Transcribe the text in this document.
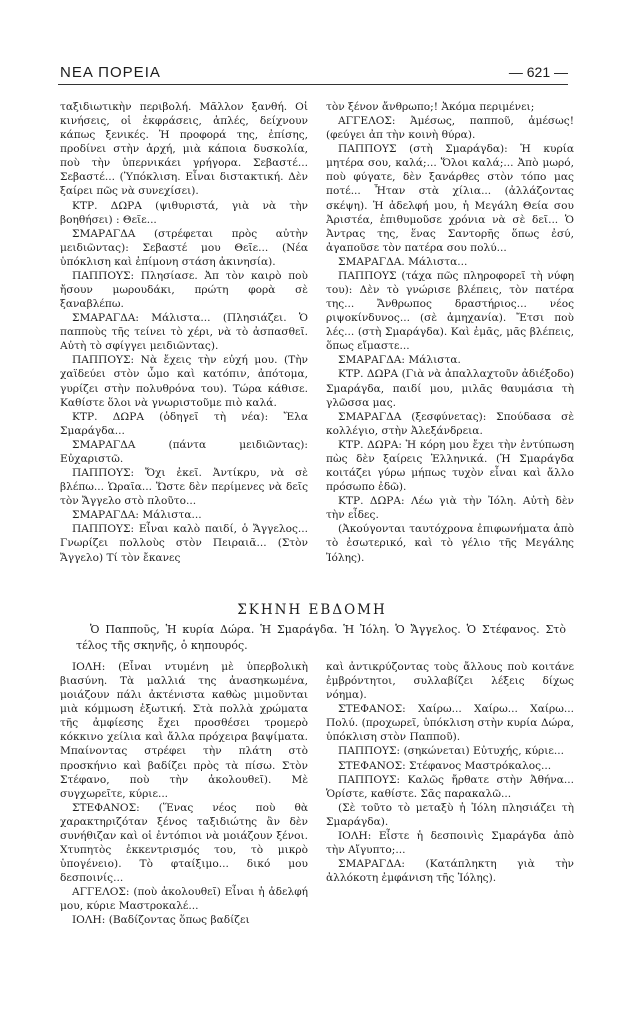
ΝΕΑ ΠΟΡΕΙΑ	— 621 —

ταξιδιωτικὴν περιβολή. Μᾶλλον ξανθή. Οἱ κινήσεις, οἱ ἐκφράσεις, ἁπλές, δείχνουν κάπως ξενικές. Ἡ προφορά της, ἐπίσης, προδίνει στὴν ἀρχή, μιὰ κάποια δυσκολία, ποὺ τὴν ὑπερνικάει γρήγορα. Σεβαστέ... Σεβαστέ... (Ὑπόκλιση. Εἶναι διστακτική. Δὲν ξαίρει πῶς νὰ συνεχίσει).

ΚΤΡ. ΔΩΡΑ (ψιθυριστά, γιὰ νὰ τὴν βοηθήσει) : Θεῖε...

ΣΜΑΡΑΓΔΑ (στρέφεται πρὸς αὐτὴν μειδιῶντας): Σεβαστέ μου Θεῖε... (Νέα ὑπόκλιση καὶ ἐπίμονη στάση ἀκινησία).

ΠΑΠΠΟΥΣ: Πλησίασε. Ἀπ τὸν καιρὸ ποὺ ἤσουν μωρουδάκι, πρώτη φορὰ σὲ ξαναβλέπω.

ΣΜΑΡΑΓΔΑ: Μάλιστα... (Πλησιάζει. Ὁ παπποὺς τῆς τείνει τὸ χέρι, νὰ τὸ ἀσπασθεῖ. Αὐτὴ τὸ σφίγγει μειδιῶντας).

ΠΑΠΠΟΥΣ: Νὰ ἔχεις τὴν εὐχή μου. (Τὴν χαϊδεύει στὸν ὦμο καὶ κατόπιν, ἀπότομα, γυρίζει στὴν πολυθρόνα του). Τώρα κάθισε. Καθίστε ὅλοι νὰ γνωριστοῦμε πιὸ καλά.

ΚΤΡ. ΔΩΡΑ (ὁδηγεῖ τὴ νέα): Ἔλα Σμαράγδα...

ΣΜΑΡΑΓΔΑ (πάντα μειδιῶντας): Εὐχαριστῶ.

ΠΑΠΠΟΥΣ: Ὄχι ἐκεῖ. Ἀντίκρυ, νὰ σὲ βλέπω... Ὡραῖα... Ὥστε δὲν περίμενες νὰ δεῖς τὸν Ἄγγελο στὸ πλοῦτο...

ΣΜΑΡΑΓΔΑ: Μάλιστα...

ΠΑΠΠΟΥΣ: Εἶναι καλὸ παιδί, ὁ Ἄγγελος... Γνωρίζει πολλοὺς στὸν Πειραιᾶ... (Στὸν Ἄγγελο) Τί τὸν ἔκανες

τὸν ξένον ἄνθρωπο;! Ἀκόμα περιμένει;

ΑΓΓΕΛΟΣ: Ἀμέσως, παπποῦ, ἀμέσως! (φεύγει ἀπ τὴν κοινὴ θύρα).

ΠΑΠΠΟΥΣ (στὴ Σμαράγδα): Ἡ κυρία μητέρα σου, καλά;... Ὅλοι καλά;... Ἀπὸ μωρό, ποὺ φύγατε, δὲν ξανάρθες στὸν τόπο μας ποτέ... Ἦταν στὰ χίλια... (ἀλλάζοντας σκέψη). Ἡ ἀδελφή μου, ἡ Μεγάλη Θεία σου Ἀριστέα, ἐπιθυμοῦσε χρόνια νὰ σὲ δεῖ... Ὁ Ἀντρας της, ἕνας Σαντορῆς ὅπως ἐσύ, ἀγαποῦσε τὸν πατέρα σου πολύ...

ΣΜΑΡΑΓΔΑ. Μάλιστα...

ΠΑΠΠΟΥΣ (τάχα πῶς πληροφορεῖ τὴ νύφη του): Δὲν τὸ γνώρισε βλέπεις, τὸν πατέρα της... Ἄνθρωπος δραστήριος... νέος ριψοκίνδυνος... (σὲ ἀμηχανία). Ἔτσι ποὺ λές... (στὴ Σμαράγδα). Καὶ ἐμᾶς, μᾶς βλέπεις, ὅπως εἴμαστε...

ΣΜΑΡΑΓΔΑ: Μάλιστα.

ΚΤΡ. ΔΩΡΑ (Γιὰ νὰ ἀπαλλαχτοῦν ἀδιέξοδο) Σμαράγδα, παιδί μου, μιλᾶς θαυμάσια τὴ γλῶσσα μας.

ΣΜΑΡΑΓΔΑ (ξεσφύνετας): Σπούδασα σὲ κολλέγιο, στὴν Ἀλεξάνδρεια.

ΚΤΡ. ΔΩΡΑ: Ἡ κόρη μου ἔχει τὴν ἐντύπωση πὼς δὲν ξαίρεις Ἑλληνικά. (Ἡ Σμαράγδα κοιτάζει γύρω μήπως τυχὸν εἶναι καὶ ἄλλο πρόσωπο ἐδῶ).

ΚΤΡ. ΔΩΡΑ: Λέω γιὰ τὴν Ἰόλη. Αὐτὴ δὲν τὴν εἶδες.

(Ἀκούγονται ταυτόχρονα ἐπιφωνήματα ἀπὸ τὸ ἐσωτερικό, καὶ τὸ γέλιο τῆς Μεγάλης Ἰόλης).

ΣΚΗΝΗ ΕΒΔΟΜΗ
Ὁ Παπποῦς, Ἡ κυρία Δώρα. Ἡ Σμαράγδα. Ἡ Ἰόλη. Ὁ Ἄγγελος. Ὁ Στέφανος. Στὸ τέλος τῆς σκηνῆς, ὁ κηπουρός.

ΙΟΛΗ: (Εἶναι ντυμένη μὲ ὑπερβολικὴ βιασύνη. Τὰ μαλλιά της ἀνασηκωμένα, μοιάζουν πάλι ἀκτένιστα καθὼς μιμοῦνται μιὰ κόμμωση ἐξωτική. Στὰ πολλὰ χρώματα τῆς ἀμφίεσης ἔχει προσθέσει τρομερὸ κόκκινο χείλια καὶ ἄλλα πρόχειρα βαψίματα. Μπαίνοντας στρέφει τὴν πλάτη στὸ προσκήνιο καὶ βαδίζει πρὸς τὰ πίσω. Στὸν Στέφανο, ποὺ τὴν ἀκολουθεῖ). Μὲ συγχωρεῖτε, κύριε...

ΣΤΕΦΑΝΟΣ: (Ἕνας νέος ποὺ θὰ χαρακτηριζόταν ξένος ταξιδιώτης ἂν δὲν συνήθιζαν καὶ οἱ ἐντόπιοι νὰ μοιάζουν ξένοι. Χτυπητὸς ἐκκεντρισμός του, τὸ μικρὸ ὑπογένειο). Τὸ φταίξιμο... δικό μου δεσποινίς...

ΑΓΓΕΛΟΣ: (ποὺ ἀκολουθεῖ) Εἶναι ἡ ἀδελφή μου, κύριε Μαστροκαλέ...

ΙΟΛΗ: (Βαδίζοντας ὅπως βαδίζει

καὶ ἀντικρύζοντας τοὺς ἄλλους ποὺ κοιτάνε ἐμβρόντητοι, συλλαβίζει λέξεις δίχως νόημα).

ΣΤΕΦΑΝΟΣ: Χαίρω... Χαίρω... Χαίρω... Πολύ. (προχωρεῖ, ὑπόκλιση στὴν κυρία Δώρα, ὑπόκλιση στὸν Παπποῦ).

ΠΑΠΠΟΥΣ: (σηκώνεται) Εὐτυχής, κύριε...

ΣΤΕΦΑΝΟΣ: Στέφανος Μαστρόκαλος...

ΠΑΠΠΟΥΣ: Καλῶς ἤρθατε στὴν Ἀθήνα... Ὁρίστε, καθίστε. Σᾶς παρακαλῶ...

(Σὲ τοῦτο τὸ μεταξὺ ἡ Ἰόλη πλησιάζει τὴ Σμαράγδα).

ΙΟΛΗ: Εἶστε ἡ δεσποινὶς Σμαράγδα ἀπὸ τὴν Αἴγυπτο;...

ΣΜΑΡΑΓΔΑ: (Κατάπληκτη γιὰ τὴν ἀλλόκοτη ἐμφάνιση τῆς Ἰόλης).
